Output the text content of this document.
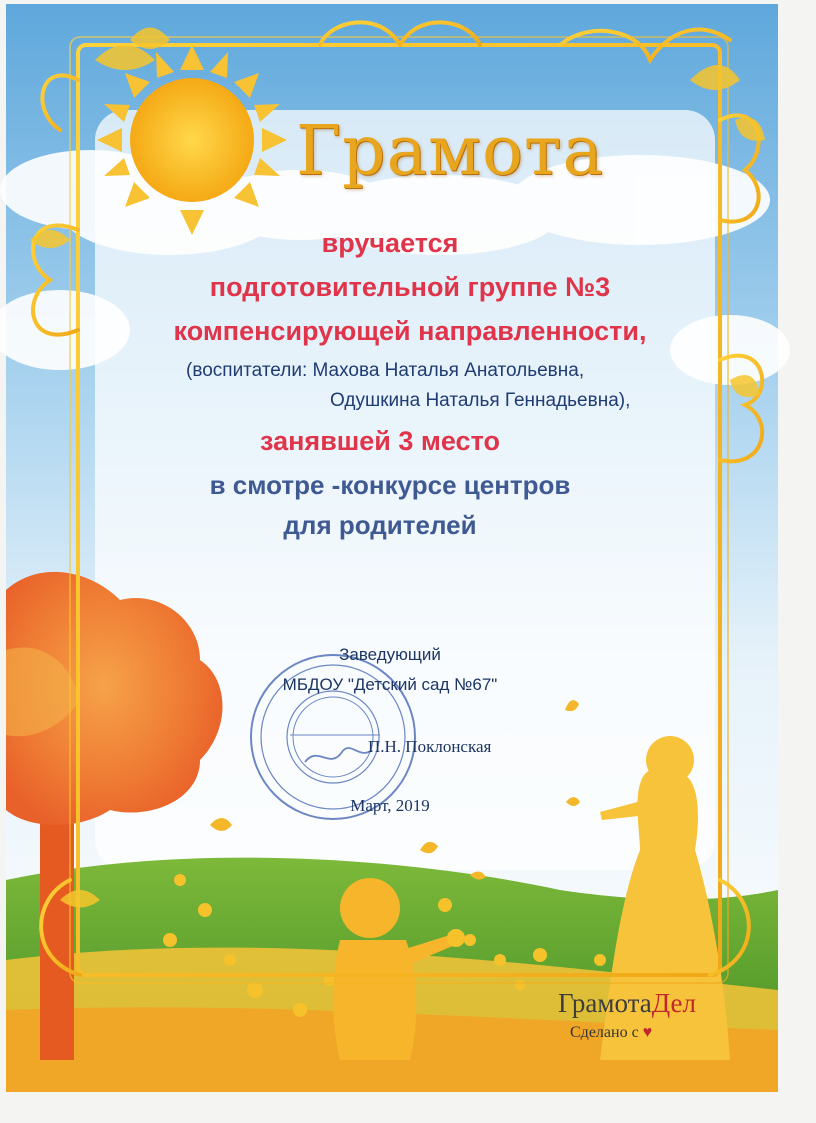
Грамота
вручается
подготовительной группе №3
компенсирующей направленности,
(воспитатели: Махова Наталья Анатольевна,
Одушкина Наталья Геннадьевна),
занявшей 3 место
в смотре -конкурсе центров
для родителей
Заведующий
МБДОУ "Детский сад №67"
П.Н. Поклонская
Март, 2019
ГрамотаДел
Сделано с ♥
